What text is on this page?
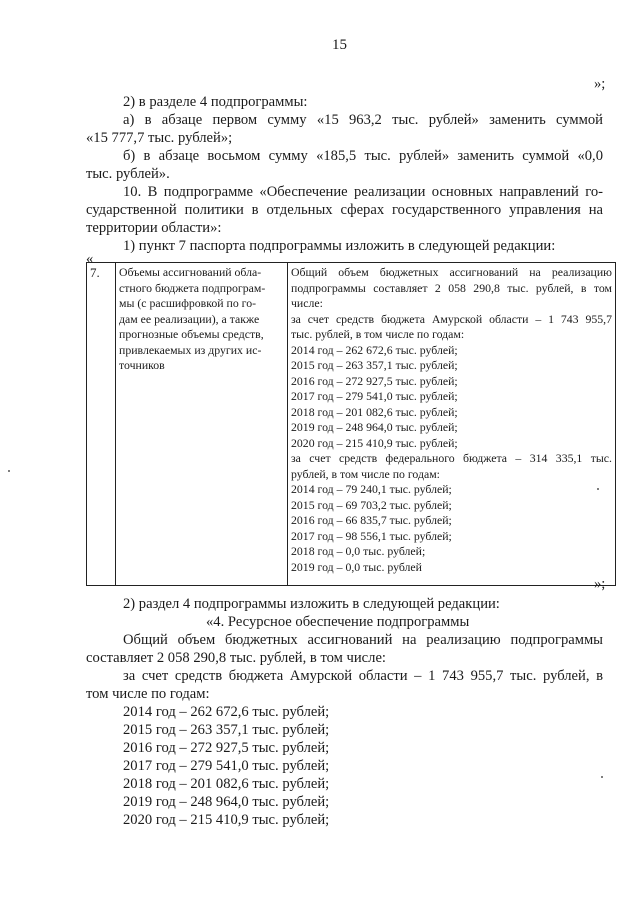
15
»;
2) в разделе 4 подпрограммы:
а) в абзаце первом сумму «15 963,2 тыс. рублей» заменить суммой
«15 777,7 тыс. рублей»;
б) в абзаце восьмом сумму «185,5 тыс. рублей» заменить суммой «0,0
тыс. рублей».
10. В подпрограмме «Обеспечение реализации основных направлений го-
сударственной политики в отдельных сферах государственного управления на
территории области»:
1) пункт 7 паспорта подпрограммы изложить в следующей редакции:
«
7.	Объемы ассигнований обла-
стного бюджета подпрограм-
мы (с расшифровкой по го-
дам ее реализации), а также
прогнозные объемы средств,
привлекаемых из других ис-
точников

Общий объем бюджетных ассигнований на реализацию
подпрограммы составляет 2 058 290,8 тыс. рублей, в том
числе:
за счет средств бюджета Амурской области – 1 743 955,7
тыс. рублей, в том числе по годам:
2014 год – 262 672,6 тыс. рублей;
2015 год – 263 357,1 тыс. рублей;
2016 год – 272 927,5 тыс. рублей;
2017 год – 279 541,0 тыс. рублей;
2018 год – 201 082,6 тыс. рублей;
2019 год – 248 964,0 тыс. рублей;
2020 год – 215 410,9 тыс. рублей;
за счет средств федерального бюджета – 314 335,1 тыс.
рублей, в том числе по годам:
2014 год – 79 240,1 тыс. рублей;
2015 год – 69 703,2 тыс. рублей;
2016 год – 66 835,7 тыс. рублей;
2017 год – 98 556,1 тыс. рублей;
2018 год – 0,0 тыс. рублей;
2019 год – 0,0 тыс. рублей
»;
2) раздел 4 подпрограммы изложить в следующей редакции:
«4. Ресурсное обеспечение подпрограммы
Общий объем бюджетных ассигнований на реализацию подпрограммы
составляет 2 058 290,8 тыс. рублей, в том числе:
за счет средств бюджета Амурской области – 1 743 955,7 тыс. рублей, в
том числе по годам:
2014 год – 262 672,6 тыс. рублей;
2015 год – 263 357,1 тыс. рублей;
2016 год – 272 927,5 тыс. рублей;
2017 год – 279 541,0 тыс. рублей;
2018 год – 201 082,6 тыс. рублей;
2019 год – 248 964,0 тыс. рублей;
2020 год – 215 410,9 тыс. рублей;
